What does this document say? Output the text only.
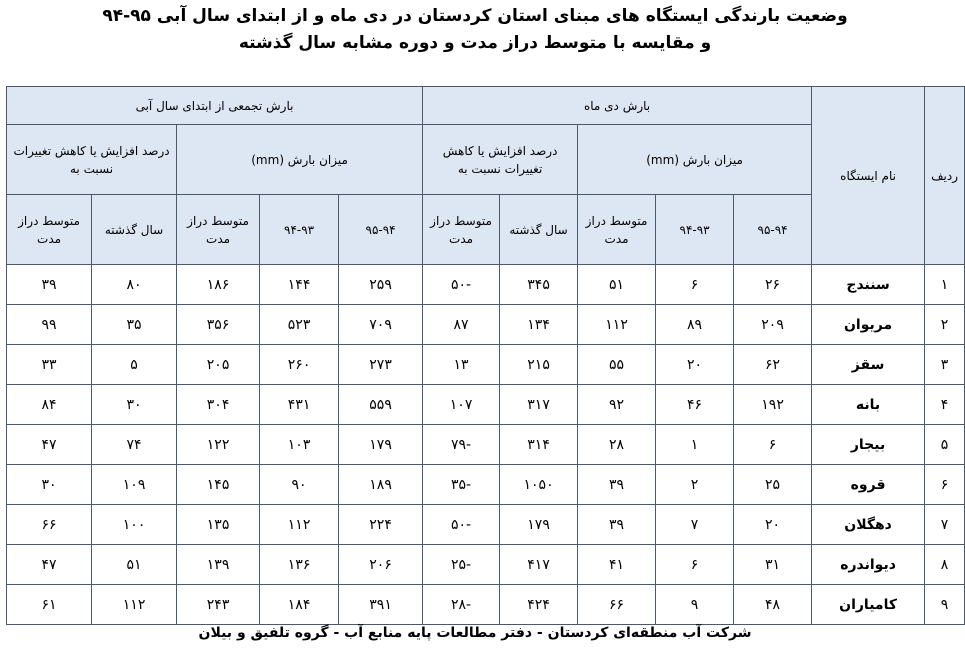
وضعیت بارندگی ایستگاه های مبنای استان کردستان در دی ماه و از ابتدای سال آبی ۹۵-۹۴
و مقایسه با متوسط دراز مدت و دوره مشابه سال گذشته
ردیف	نام ایستگاه	بارش دی ماه					بارش تجمعی از ابتدای سال آبی				
		میزان بارش (mm)			درصد افزایش یا کاهش تغییرات نسبت به		میزان بارش (mm)			درصد افزایش یا کاهش تغییرات نسبت به	
		۹۵-۹۴	۹۴-۹۳	متوسط دراز مدت	سال گذشته	متوسط دراز مدت	۹۵-۹۴	۹۴-۹۳	متوسط دراز مدت	سال گذشته	متوسط دراز مدت
۱	سنندج	۲۶	۶	۵۱	۳۴۵	-۵۰	۲۵۹	۱۴۴	۱۸۶	۸۰	۳۹
۲	مریوان	۲۰۹	۸۹	۱۱۲	۱۳۴	۸۷	۷۰۹	۵۲۳	۳۵۶	۳۵	۹۹
۳	سقز	۶۲	۲۰	۵۵	۲۱۵	۱۳	۲۷۳	۲۶۰	۲۰۵	۵	۳۳
۴	بانه	۱۹۲	۴۶	۹۲	۳۱۷	۱۰۷	۵۵۹	۴۳۱	۳۰۴	۳۰	۸۴
۵	بیجار	۶	۱	۲۸	۳۱۴	-۷۹	۱۷۹	۱۰۳	۱۲۲	۷۴	۴۷
۶	قروه	۲۵	۲	۳۹	۱۰۵۰	-۳۵	۱۸۹	۹۰	۱۴۵	۱۰۹	۳۰
۷	دهگلان	۲۰	۷	۳۹	۱۷۹	-۵۰	۲۲۴	۱۱۲	۱۳۵	۱۰۰	۶۶
۸	دیواندره	۳۱	۶	۴۱	۴۱۷	-۲۵	۲۰۶	۱۳۶	۱۳۹	۵۱	۴۷
۹	کامیاران	۴۸	۹	۶۶	۴۲۴	-۲۸	۳۹۱	۱۸۴	۲۴۳	۱۱۲	۶۱
شرکت آب منطقه‌ای کردستان - دفتر مطالعات پایه منابع آب - گروه تلفیق و بیلان
